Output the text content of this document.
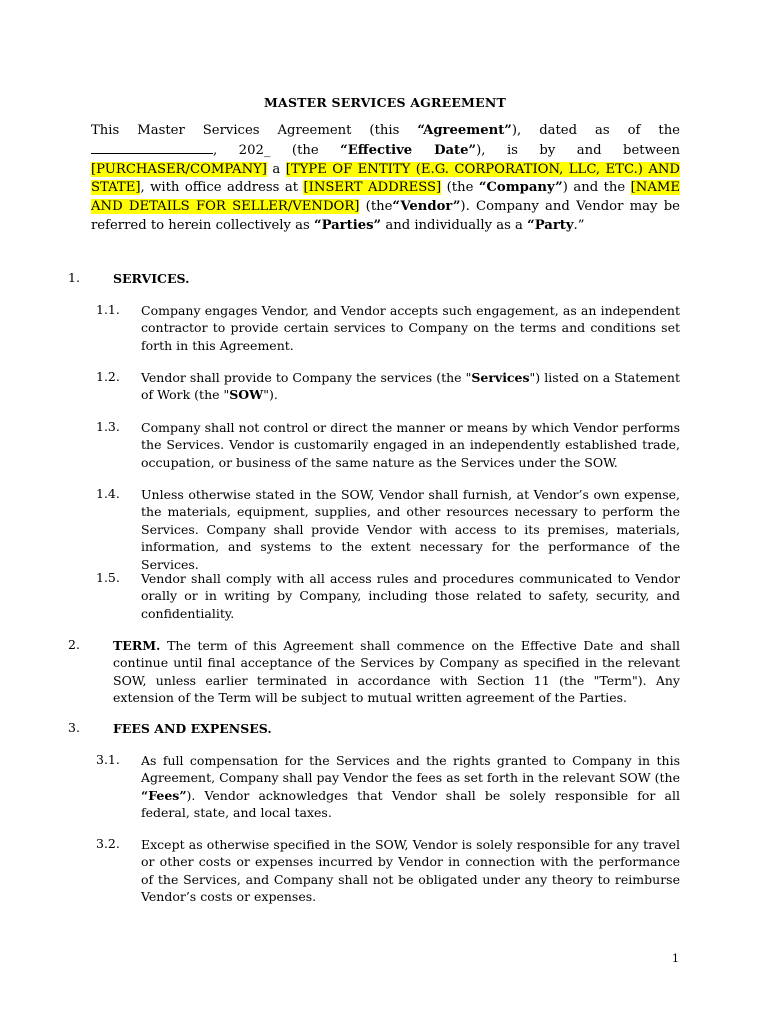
MASTER SERVICES AGREEMENT
This Master Services Agreement (this “Agreement”), dated as of the , 202_ (the “Effective Date”), is by and between [PURCHASER/COMPANY] a [TYPE OF ENTITY (E.G. CORPORATION, LLC, ETC.) AND STATE], with office address at [INSERT ADDRESS] (the “Company”) and the [NAME AND DETAILS FOR SELLER/VENDOR] (the“Vendor”). Company and Vendor may be referred to herein collectively as “Parties” and individually as a “Party.”
1.	SERVICES.
1.1. Company engages Vendor, and Vendor accepts such engagement, as an independent contractor to provide certain services to Company on the terms and conditions set forth in this Agreement.
1.2. Vendor shall provide to Company the services (the "Services") listed on a Statement of Work (the "SOW").
1.3. Company shall not control or direct the manner or means by which Vendor performs the Services. Vendor is customarily engaged in an independently established trade, occupation, or business of the same nature as the Services under the SOW.
1.4. Unless otherwise stated in the SOW, Vendor shall furnish, at Vendor’s own expense, the materials, equipment, supplies, and other resources necessary to perform the Services. Company shall provide Vendor with access to its premises, materials, information, and systems to the extent necessary for the performance of the Services.
1.5. Vendor shall comply with all access rules and procedures communicated to Vendor orally or in writing by Company, including those related to safety, security, and confidentiality.
2.	TERM. The term of this Agreement shall commence on the Effective Date and shall continue until final acceptance of the Services by Company as specified in the relevant SOW, unless earlier terminated in accordance with Section 11 (the "Term"). Any extension of the Term will be subject to mutual written agreement of the Parties.
3.	FEES AND EXPENSES.
3.1. As full compensation for the Services and the rights granted to Company in this Agreement, Company shall pay Vendor the fees as set forth in the relevant SOW (the “Fees”). Vendor acknowledges that Vendor shall be solely responsible for all federal, state, and local taxes.
3.2. Except as otherwise specified in the SOW, Vendor is solely responsible for any travel or other costs or expenses incurred by Vendor in connection with the performance of the Services, and Company shall not be obligated under any theory to reimburse Vendor’s costs or expenses.
1
